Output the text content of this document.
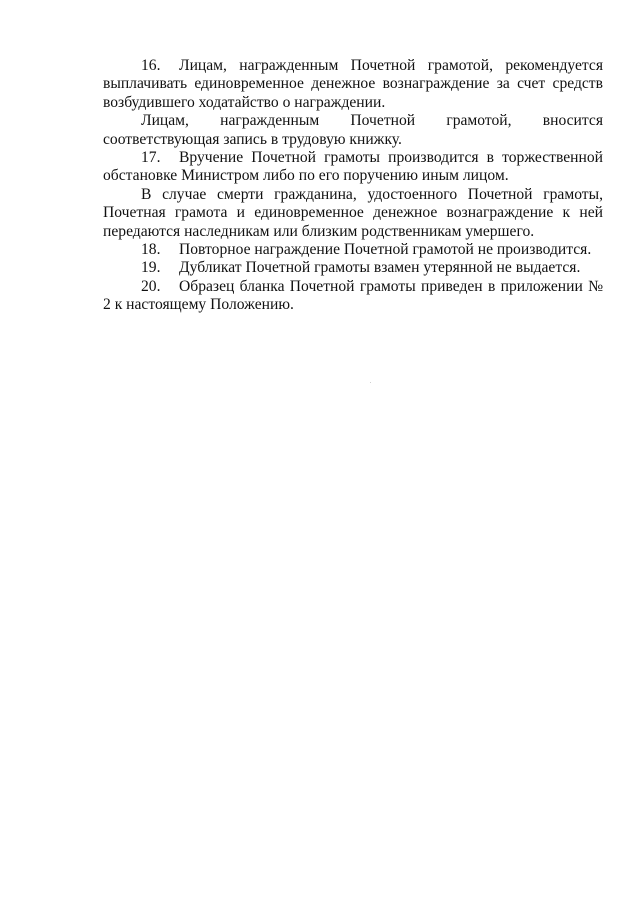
16. Лицам, награжденным Почетной грамотой, рекомендуется выплачивать единовременное денежное вознаграждение за счет средств возбудившего ходатайство о награждении.

Лицам, награжденным Почетной грамотой, вносится соответствующая запись в трудовую книжку.

17. Вручение Почетной грамоты производится в торжественной обстановке Министром либо по его поручению иным лицом.

В случае смерти гражданина, удостоенного Почетной грамоты, Почетная грамота и единовременное денежное вознаграждение к ней передаются наследникам или близким родственникам умершего.

18. Повторное награждение Почетной грамотой не производится.

19. Дубликат Почетной грамоты взамен утерянной не выдается.

20. Образец бланка Почетной грамоты приведен в приложении № 2 к настоящему Положению.
